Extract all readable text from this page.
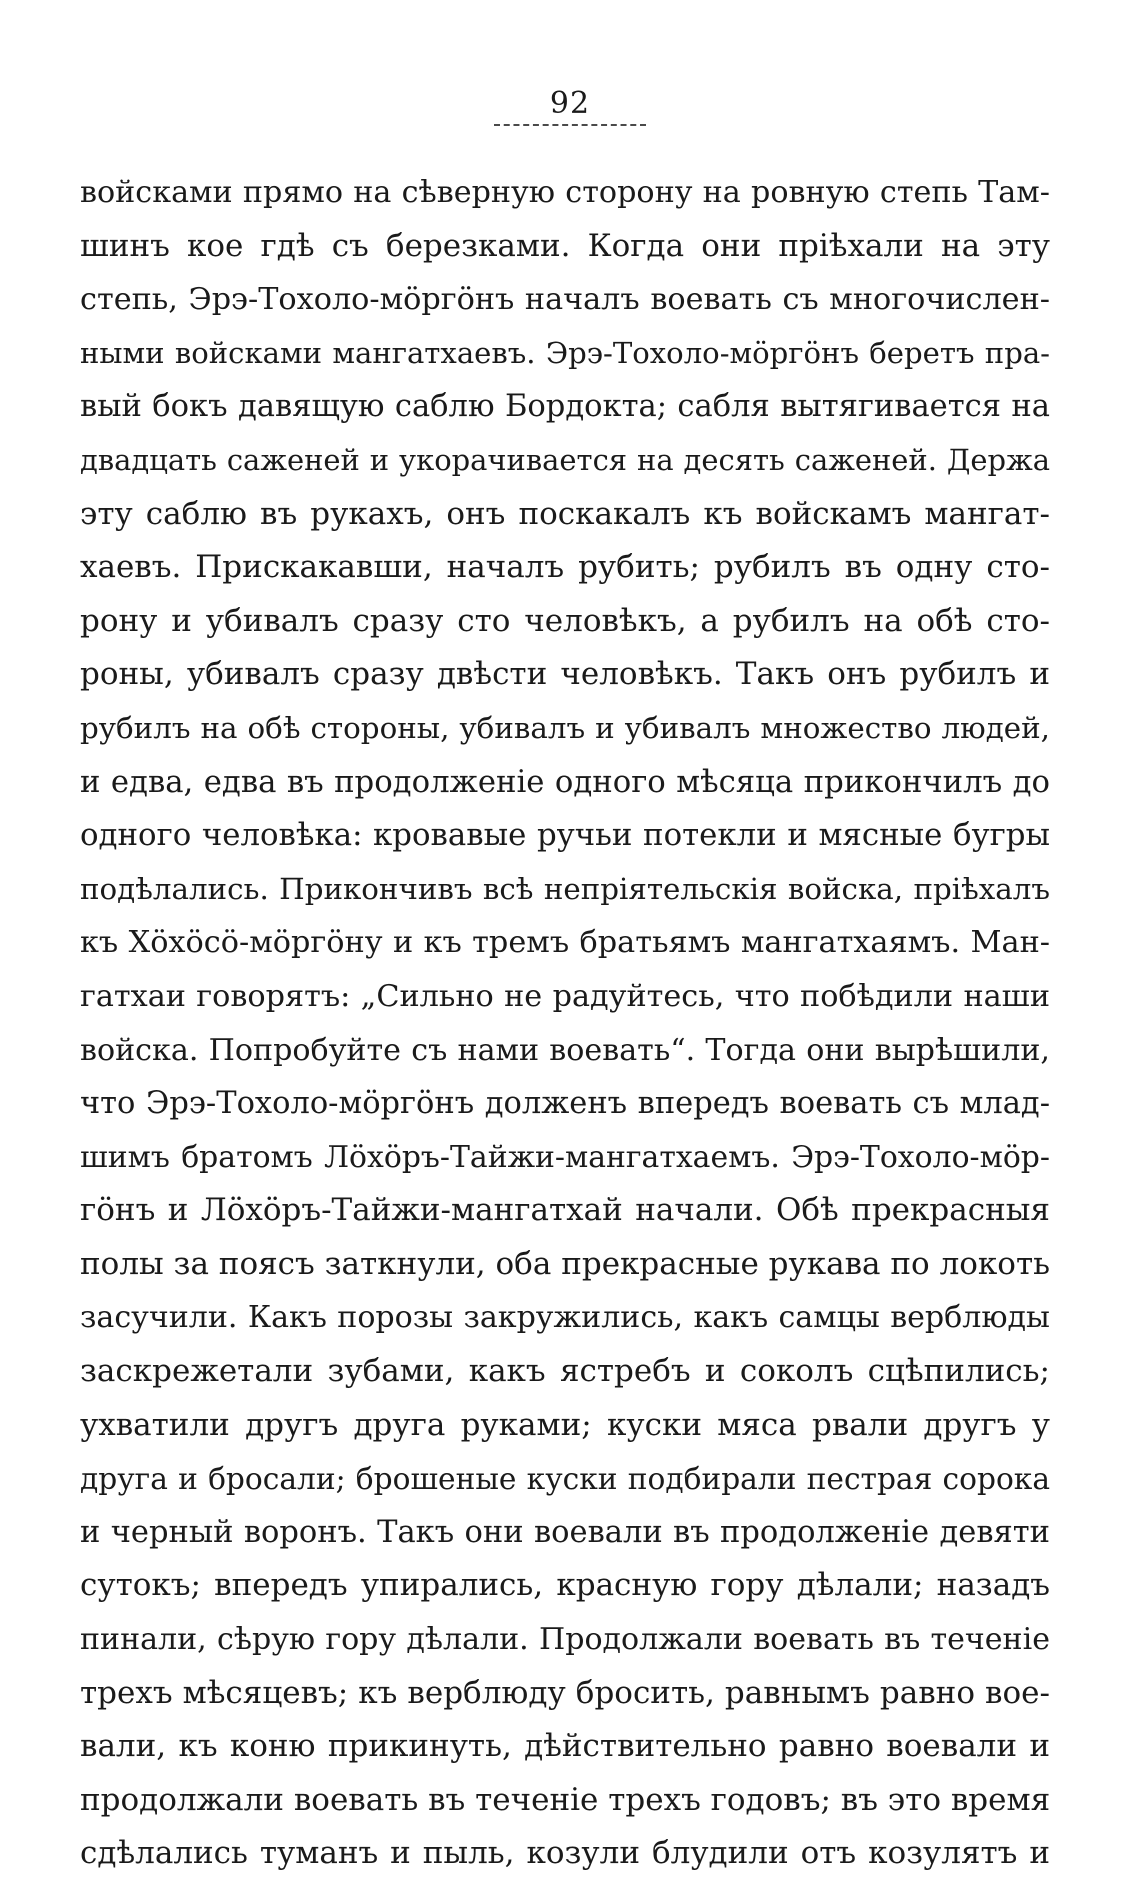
92
войсками прямо на сѣверную сторону на ровную степь Там-
шинъ кое гдѣ съ березками. Когда они пріѣхали на эту
степь, Эрэ-Тохоло-мӧргӧнъ началъ воевать съ многочислен-
ными войсками мангатхаевъ. Эрэ-Тохоло-мӧргӧнъ беретъ пра-
вый бокъ давящую саблю Бордокта; сабля вытягивается на
двадцать саженей и укорачивается на десять саженей. Держа
эту саблю въ рукахъ, онъ поскакалъ къ войскамъ мангат-
хаевъ. Прискакавши, началъ рубить; рубилъ въ одну сто-
рону и убивалъ сразу сто человѣкъ, а рубилъ на обѣ сто-
роны, убивалъ сразу двѣсти человѣкъ. Такъ онъ рубилъ и
рубилъ на обѣ стороны, убивалъ и убивалъ множество людей,
и едва, едва въ продолженіе одного мѣсяца прикончилъ до
одного человѣка: кровавые ручьи потекли и мясные бугры
подѣлались. Прикончивъ всѣ непріятельскія войска, пріѣхалъ
къ Хӧхӧсӧ-мӧргӧну и къ тремъ братьямъ мангатхаямъ. Ман-
гатхаи говорятъ: „Сильно не радуйтесь, что побѣдили наши
войска. Попробуйте съ нами воевать“. Тогда они вырѣшили,
что Эрэ-Тохоло-мӧргӧнъ долженъ впередъ воевать съ млад-
шимъ братомъ Лӧхӧръ-Тайжи-мангатхаемъ. Эрэ-Тохоло-мӧр-
гӧнъ и Лӧхӧръ-Тайжи-мангатхай начали. Обѣ прекрасныя
полы за поясъ заткнули, оба прекрасные рукава по локоть
засучили. Какъ порозы закружились, какъ самцы верблюды
заскрежетали зубами, какъ ястребъ и соколъ сцѣпились;
ухватили другъ друга руками; куски мяса рвали другъ у
друга и бросали; брошеные куски подбирали пестрая сорока
и черный воронъ. Такъ они воевали въ продолженіе девяти
сутокъ; впередъ упирались, красную гору дѣлали; назадъ
пинали, сѣрую гору дѣлали. Продолжали воевать въ теченіе
трехъ мѣсяцевъ; къ верблюду бросить, равнымъ равно вое-
вали, къ коню прикинуть, дѣйствительно равно воевали и
продолжали воевать въ теченіе трехъ годовъ; въ это время
сдѣлались туманъ и пыль, козули блудили отъ козулятъ и
